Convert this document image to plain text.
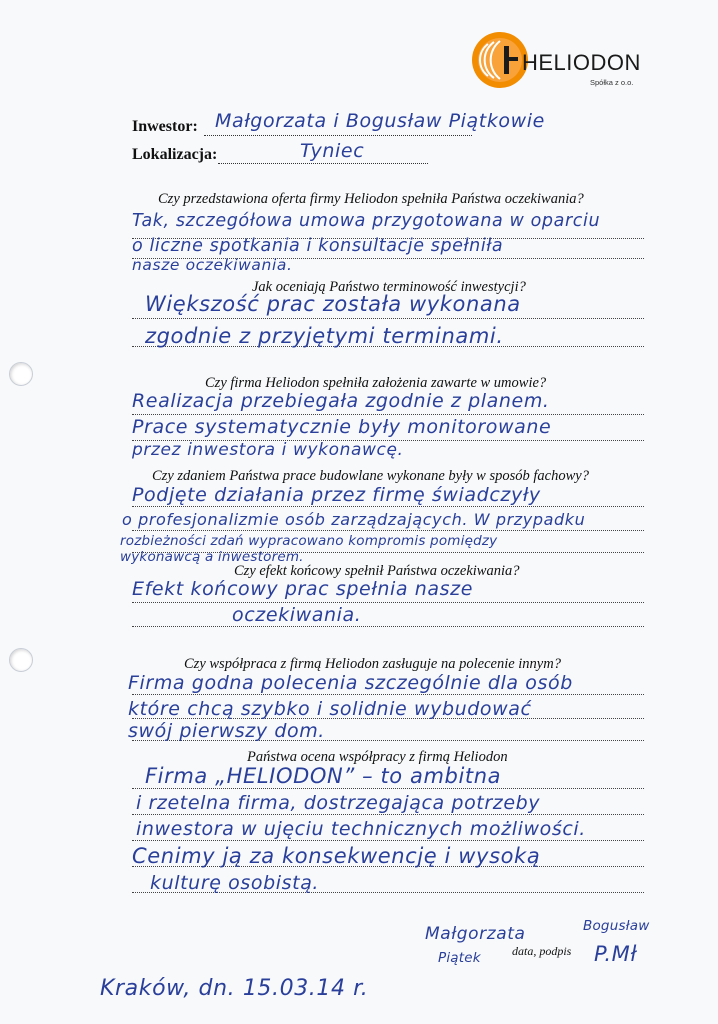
HELIODON
Spółka z o.o.
Inwestor: Małgorzata i Bogusław Piątkowie
Lokalizacja:	Tyniec
Czy przedstawiona oferta firmy Heliodon spełniła Państwa oczekiwania?
Tak, szczegółowa umowa przygotowana w oparciu
o liczne spotkania i konsultacje spełniła
nasze oczekiwania.
Jak oceniają Państwo terminowość inwestycji?
Większość prac została wykonana
zgodnie z przyjętymi terminami.
Czy firma Heliodon spełniła założenia zawarte w umowie?
Realizacja przebiegała zgodnie z planem.
Prace systematycznie były monitorowane
przez inwestora i wykonawcę.
Czy zdaniem Państwa prace budowlane wykonane były w sposób fachowy?
Podjęte działania przez firmę świadczyły
o profesjonalizmie osób zarządzających. W przypadku
rozbieżności zdań wypracowano kompromis pomiędzy
wykonawcą a inwestorem.
Czy efekt końcowy spełnił Państwa oczekiwania?
Efekt końcowy prac spełnia nasze
oczekiwania.
Czy współpraca z firmą Heliodon zasługuje na polecenie innym?
Firma godna polecenia szczególnie dla osób
które chcą szybko i solidnie wybudować
swój pierwszy dom.
Państwa ocena współpracy z firmą Heliodon
Firma „HELIODON” – to ambitna
i rzetelna firma, dostrzegająca potrzeby
inwestora w ujęciu technicznych możliwości.
Cenimy ją za konsekwencję i wysoką
kulturę osobistą.
Małgorzata
Piątek
Bogusław
P.Mł
data, podpis
Kraków, dn. 15.03.14 r.
